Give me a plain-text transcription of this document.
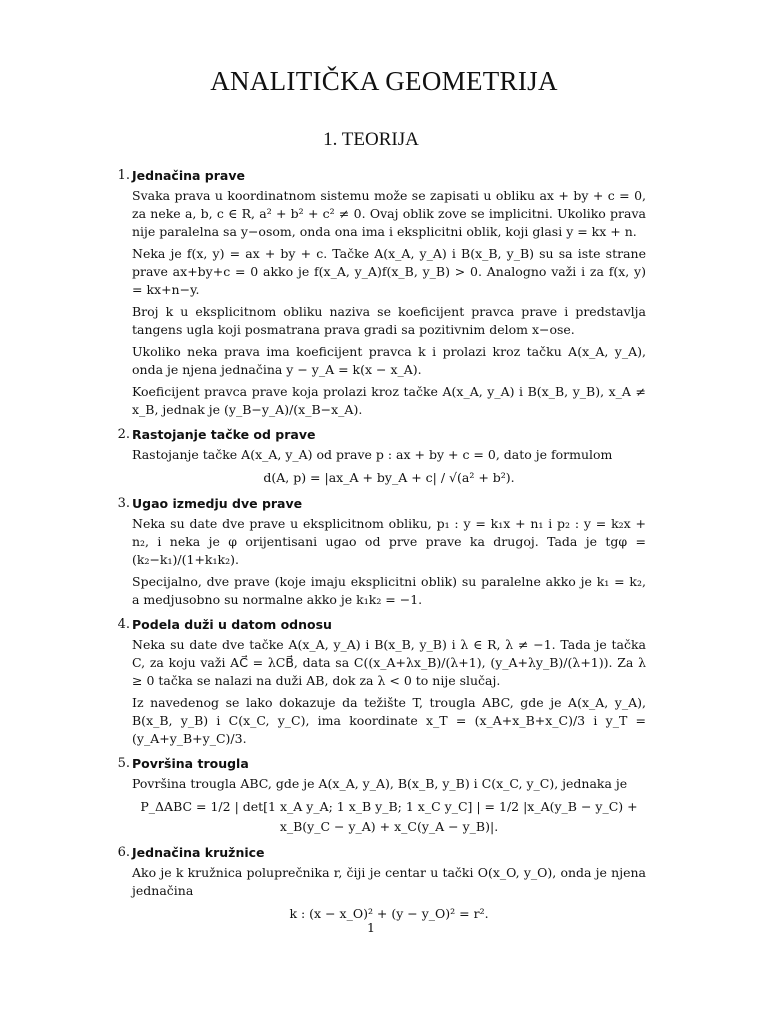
ANALITIČKA GEOMETRIJA
1. TEORIJA
1. Jednačina prave
Svaka prava u koordinatnom sistemu može se zapisati u obliku ax + by + c = 0, za neke a, b, c ∈ R, a² + b² + c² ≠ 0. Ovaj oblik zove se implicitni. Ukoliko prava nije paralelna sa y−osom, onda ona ima i eksplicitni oblik, koji glasi y = kx + n.
Neka je f(x, y) = ax + by + c. Tačke A(x_A, y_A) i B(x_B, y_B) su sa iste strane prave ax+by+c = 0 akko je f(x_A, y_A)f(x_B, y_B) > 0. Analogno važi i za f(x, y) = kx+n−y.
Broj k u eksplicitnom obliku naziva se koeficijent pravca prave i predstavlja tangens ugla koji posmatrana prava gradi sa pozitivnim delom x−ose.
Ukoliko neka prava ima koeficijent pravca k i prolazi kroz tačku A(x_A, y_A), onda je njena jednačina y − y_A = k(x − x_A).
Koeficijent pravca prave koja prolazi kroz tačke A(x_A, y_A) i B(x_B, y_B), x_A ≠ x_B, jednak je (y_B−y_A)/(x_B−x_A).
2. Rastojanje tačke od prave
Rastojanje tačke A(x_A, y_A) od prave p : ax + by + c = 0, dato je formulom
d(A, p) = |ax_A + by_A + c| / √(a² + b²).
3. Ugao izmedju dve prave
Neka su date dve prave u eksplicitnom obliku, p₁ : y = k₁x + n₁ i p₂ : y = k₂x + n₂, i neka je φ orijentisani ugao od prve prave ka drugoj. Tada je tgφ = (k₂−k₁)/(1+k₁k₂).
Specijalno, dve prave (koje imaju eksplicitni oblik) su paralelne akko je k₁ = k₂, a medjusobno su normalne akko je k₁k₂ = −1.
4. Podela duži u datom odnosu
Neka su date dve tačke A(x_A, y_A) i B(x_B, y_B) i λ ∈ R, λ ≠ −1. Tada je tačka C, za koju važi AC⃗ = λCB⃗, data sa C((x_A+λx_B)/(λ+1), (y_A+λy_B)/(λ+1)). Za λ ≥ 0 tačka se nalazi na duži AB, dok za λ < 0 to nije slučaj.
Iz navedenog se lako dokazuje da težište T, trougla ABC, gde je A(x_A, y_A), B(x_B, y_B) i C(x_C, y_C), ima koordinate x_T = (x_A+x_B+x_C)/3 i y_T = (y_A+y_B+y_C)/3.
5. Površina trougla
Površina trougla ABC, gde je A(x_A, y_A), B(x_B, y_B) i C(x_C, y_C), jednaka je
P_ΔABC = 1/2 | det[1 x_A y_A; 1 x_B y_B; 1 x_C y_C] | = 1/2 |x_A(y_B − y_C) + x_B(y_C − y_A) + x_C(y_A − y_B)|.
6. Jednačina kružnice
Ako je k kružnica poluprečnika r, čiji je centar u tački O(x_O, y_O), onda je njena jednačina
k : (x − x_O)² + (y − y_O)² = r².
1
